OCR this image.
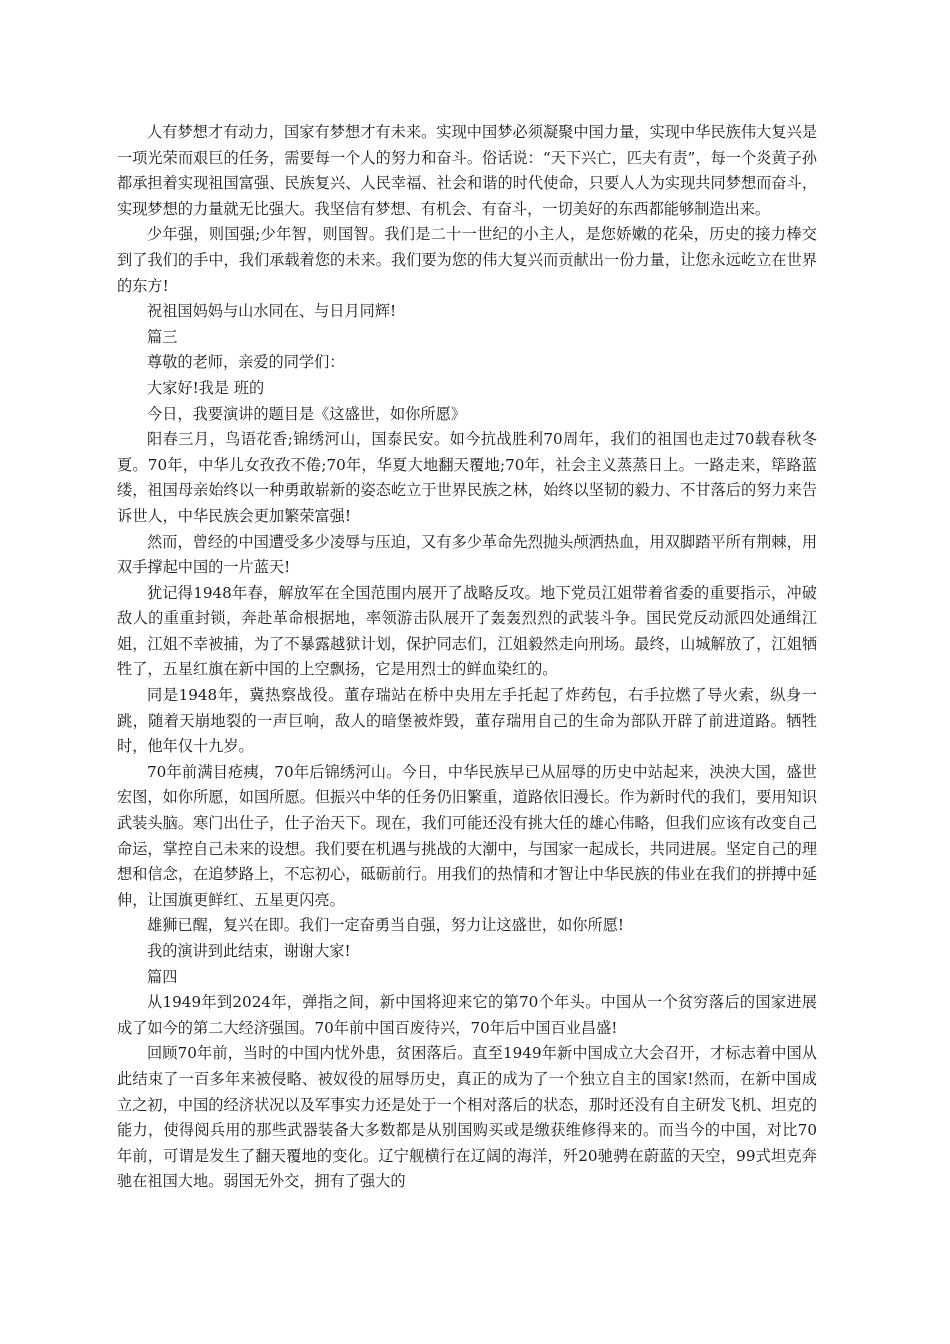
人有梦想才有动力，国家有梦想才有未来。实现中国梦必须凝聚中国力量，实现中华民族伟大复兴是一项光荣而艰巨的任务，需要每一个人的努力和奋斗。俗话说：“天下兴亡，匹夫有责”，每一个炎黄子孙都承担着实现祖国富强、民族复兴、人民幸福、社会和谐的时代使命，只要人人为实现共同梦想而奋斗，实现梦想的力量就无比强大。我坚信有梦想、有机会、有奋斗，一切美好的东西都能够制造出来。

少年强，则国强;少年智，则国智。我们是二十一世纪的小主人，是您娇嫩的花朵，历史的接力棒交到了我们的手中，我们承载着您的未来。我们要为您的伟大复兴而贡献出一份力量，让您永远屹立在世界的东方!

祝祖国妈妈与山水同在、与日月同辉!

篇三

尊敬的老师，亲爱的同学们：

大家好!我是 班的

今日，我要演讲的题目是《这盛世，如你所愿》

阳春三月，鸟语花香;锦绣河山，国泰民安。如今抗战胜利70周年，我们的祖国也走过70载春秋冬夏。70年，中华儿女孜孜不倦;70年，华夏大地翻天覆地;70年，社会主义蒸蒸日上。一路走来，筚路蓝缕，祖国母亲始终以一种勇敢崭新的姿态屹立于世界民族之林，始终以坚韧的毅力、不甘落后的努力来告诉世人，中华民族会更加繁荣富强!

然而，曾经的中国遭受多少凌辱与压迫，又有多少革命先烈抛头颅洒热血，用双脚踏平所有荆棘，用双手撑起中国的一片蓝天!

犹记得1948年春，解放军在全国范围内展开了战略反攻。地下党员江姐带着省委的重要指示，冲破敌人的重重封锁，奔赴革命根据地，率领游击队展开了轰轰烈烈的武装斗争。国民党反动派四处通缉江姐，江姐不幸被捕，为了不暴露越狱计划，保护同志们，江姐毅然走向刑场。最终，山城解放了，江姐牺牲了，五星红旗在新中国的上空飘扬，它是用烈士的鲜血染红的。

同是1948年，冀热察战役。董存瑞站在桥中央用左手托起了炸药包，右手拉燃了导火索，纵身一跳，随着天崩地裂的一声巨响，敌人的暗堡被炸毁，董存瑞用自己的生命为部队开辟了前进道路。牺牲时，他年仅十九岁。

70年前满目疮痍，70年后锦绣河山。今日，中华民族早已从屈辱的历史中站起来，泱泱大国，盛世宏图，如你所愿，如国所愿。但振兴中华的任务仍旧繁重，道路依旧漫长。作为新时代的我们，要用知识武装头脑。寒门出仕子，仕子治天下。现在，我们可能还没有挑大任的雄心伟略，但我们应该有改变自己命运，掌控自己未来的设想。我们要在机遇与挑战的大潮中，与国家一起成长，共同进展。坚定自己的理想和信念，在追梦路上，不忘初心，砥砺前行。用我们的热情和才智让中华民族的伟业在我们的拼搏中延伸，让国旗更鲜红、五星更闪亮。

雄狮已醒，复兴在即。我们一定奋勇当自强，努力让这盛世，如你所愿!

我的演讲到此结束，谢谢大家!

篇四

从1949年到2024年，弹指之间，新中国将迎来它的第70个年头。中国从一个贫穷落后的国家进展成了如今的第二大经济强国。70年前中国百废待兴，70年后中国百业昌盛!

回顾70年前，当时的中国内忧外患，贫困落后。直至1949年新中国成立大会召开，才标志着中国从此结束了一百多年来被侵略、被奴役的屈辱历史，真正的成为了一个独立自主的国家!然而，在新中国成立之初，中国的经济状况以及军事实力还是处于一个相对落后的状态，那时还没有自主研发飞机、坦克的能力，使得阅兵用的那些武器装备大多数都是从别国购买或是缴获维修得来的。而当今的中国，对比70年前，可谓是发生了翻天覆地的变化。辽宁舰横行在辽阔的海洋，歼20驰骋在蔚蓝的天空，99式坦克奔驰在祖国大地。弱国无外交，拥有了强大的
